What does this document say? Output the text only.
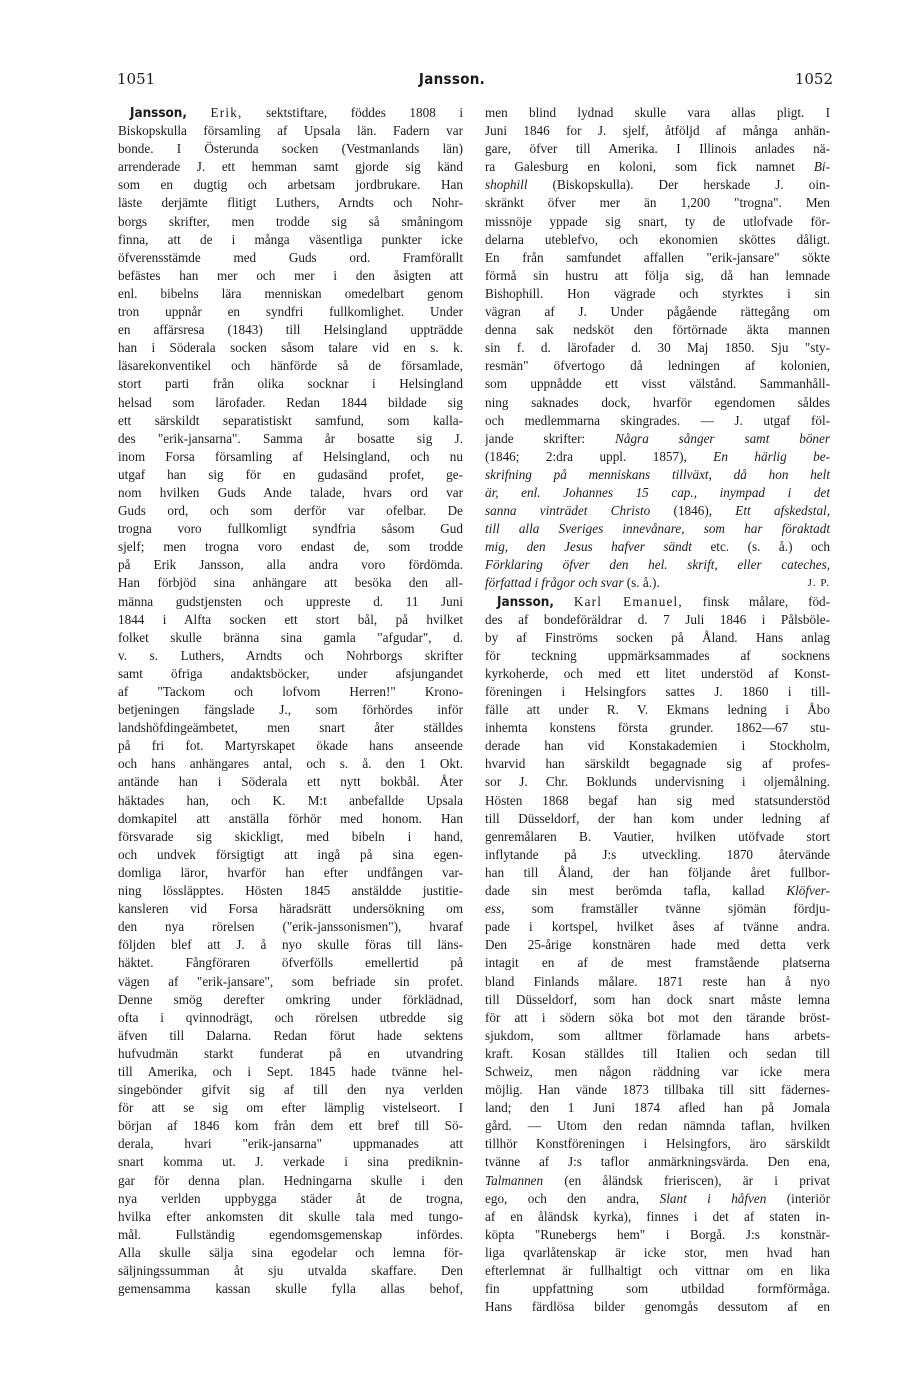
1051	Jansson.	1052
Jansson, Erik, sektstiftare, föddes 1808 i
Biskopskulla församling af Upsala län. Fadern var
bonde. I Österunda socken (Vestmanlands län)
arrenderade J. ett hemman samt gjorde sig känd
som en dugtig och arbetsam jordbrukare. Han
läste derjämte flitigt Luthers, Arndts och Nohr-
borgs skrifter, men trodde sig så småningom
finna, att de i många väsentliga punkter icke
öfverensstämde med Guds ord. Framförallt
befästes han mer och mer i den åsigten att
enl. bibelns lära menniskan omedelbart genom
tron uppnår en syndfri fullkomlighet. Under
en affärsresa (1843) till Helsingland uppträdde
han i Söderala socken såsom talare vid en s. k.
läsarekonventikel och hänförde så de församlade,
stort parti från olika socknar i Helsingland
helsad som lärofader. Redan 1844 bildade sig
ett särskildt separatistiskt samfund, som kalla-
des "erik-jansarna". Samma år bosatte sig J.
inom Forsa församling af Helsingland, och nu
utgaf han sig för en gudasänd profet, ge-
nom hvilken Guds Ande talade, hvars ord var
Guds ord, och som derför var ofelbar. De
trogna voro fullkomligt syndfria såsom Gud
sjelf; men trogna voro endast de, som trodde
på Erik Jansson, alla andra voro fördömda.
Han förbjöd sina anhängare att besöka den all-
männa gudstjensten och uppreste d. 11 Juni
1844 i Alfta socken ett stort bål, på hvilket
folket skulle bränna sina gamla "afgudar", d.
v. s. Luthers, Arndts och Nohrborgs skrifter
samt öfriga andaktsböcker, under afsjungandet
af "Tackom och lofvom Herren!" Krono-
betjeningen fängslade J., som förhördes inför
landshöfdingeämbetet, men snart åter ställdes
på fri fot. Martyrskapet ökade hans anseende
och hans anhängares antal, och s. å. den 1 Okt.
antände han i Söderala ett nytt bokbål. Åter
häktades han, och K. M:t anbefallde Upsala
domkapitel att anställa förhör med honom. Han
försvarade sig skickligt, med bibeln i hand,
och undvek försigtigt att ingå på sina egen-
domliga läror, hvarför han efter undfången var-
ning lössläpptes. Hösten 1845 anstäldde justitie-
kansleren vid Forsa häradsrätt undersökning om
den nya rörelsen ("erik-janssonismen"), hvaraf
följden blef att J. å nyo skulle föras till läns-
häktet. Fångföraren öfverfölls emellertid på
vägen af "erik-jansare", som befriade sin profet.
Denne smög derefter omkring under förklädnad,
ofta i qvinnodrägt, och rörelsen utbredde sig
äfven till Dalarna. Redan förut hade sektens
hufvudmän starkt funderat på en utvandring
till Amerika, och i Sept. 1845 hade tvänne hel-
singebönder gifvit sig af till den nya verlden
för att se sig om efter lämplig vistelseort. I
början af 1846 kom från dem ett bref till Sö-
derala, hvari "erik-jansarna" uppmanades att
snart komma ut. J. verkade i sina prediknin-
gar för denna plan. Hedningarna skulle i den
nya verlden uppbygga städer åt de trogna,
hvilka efter ankomsten dit skulle tala med tungo-
mål. Fullständig egendomsgemenskap infördes.
Alla skulle sälja sina egodelar och lemna för-
säljningssumman åt sju utvalda skaffare. Den
gemensamma kassan skulle fylla allas behof,
men blind lydnad skulle vara allas pligt. I
Juni 1846 for J. sjelf, åtföljd af många anhän-
gare, öfver till Amerika. I Illinois anlades nä-
ra Galesburg en koloni, som fick namnet Bi-
shophill (Biskopskulla). Der herskade J. oin-
skränkt öfver mer än 1,200 "trogna". Men
missnöje yppade sig snart, ty de utlofvade för-
delarna uteblefvo, och ekonomien sköttes dåligt.
En från samfundet affallen "erik-jansare" sökte
förmå sin hustru att följa sig, då han lemnade
Bishophill. Hon vägrade och styrktes i sin
vägran af J. Under pågående rättegång om
denna sak nedsköt den förtörnade äkta mannen
sin f. d. lärofader d. 30 Maj 1850. Sju "sty-
resmän" öfvertogo då ledningen af kolonien,
som uppnådde ett visst välstånd. Sammanhåll-
ning saknades dock, hvarför egendomen såldes
och medlemmarna skingrades. — J. utgaf föl-
jande skrifter: Några sånger samt böner
(1846; 2:dra uppl. 1857), En härlig be-
skrifning på menniskans tillväxt, då hon helt
är, enl. Johannes 15 cap., inympad i det
sanna vinträdet Christo (1846), Ett afskedstal,
till alla Sveriges innevånare, som har föraktadt
mig, den Jesus hafver sändt etc. (s. å.) och
Förklaring öfver den hel. skrift, eller cateches,
författad i frågor och svar (s. å.).	J. P.
Jansson, Karl Emanuel, finsk målare, föd-
des af bondeföräldrar d. 7 Juli 1846 i Pålsböle-
by af Finströms socken på Åland. Hans anlag
för teckning uppmärksammades af socknens
kyrkoherde, och med ett litet understöd af Konst-
föreningen i Helsingfors sattes J. 1860 i till-
fälle att under R. V. Ekmans ledning i Åbo
inhemta konstens första grunder. 1862—67 stu-
derade han vid Konstakademien i Stockholm,
hvarvid han särskildt begagnade sig af profes-
sor J. Chr. Boklunds undervisning i oljemålning.
Hösten 1868 begaf han sig med statsunderstöd
till Düsseldorf, der han kom under ledning af
genremålaren B. Vautier, hvilken utöfvade stort
inflytande på J:s utveckling. 1870 återvände
han till Åland, der han följande året fullbor-
dade sin mest berömda tafla, kallad Klöfver-
ess, som framställer tvänne sjömän fördju-
pade i kortspel, hvilket åses af tvänne andra.
Den 25-årige konstnären hade med detta verk
intagit en af de mest framstående platserna
bland Finlands målare. 1871 reste han å nyo
till Düsseldorf, som han dock snart måste lemna
för att i södern söka bot mot den tärande bröst-
sjukdom, som alltmer förlamade hans arbets-
kraft. Kosan ställdes till Italien och sedan till
Schweiz, men någon räddning var icke mera
möjlig. Han vände 1873 tillbaka till sitt fädernes-
land; den 1 Juni 1874 afled han på Jomala
gård. — Utom den redan nämnda taflan, hvilken
tillhör Konstföreningen i Helsingfors, äro särskildt
tvänne af J:s taflor anmärkningsvärda. Den ena,
Talmannen (en åländsk frieriscen), är i privat
ego, och den andra, Slant i håfven (interiör
af en åländsk kyrka), finnes i det af staten in-
köpta "Runebergs hem" i Borgå. J:s konstnär-
liga qvarlåtenskap är icke stor, men hvad han
efterlemnat är fullhaltigt och vittnar om en lika
fin uppfattning som utbildad formförmåga.
Hans färdlösa bilder genomgås dessutom af en
